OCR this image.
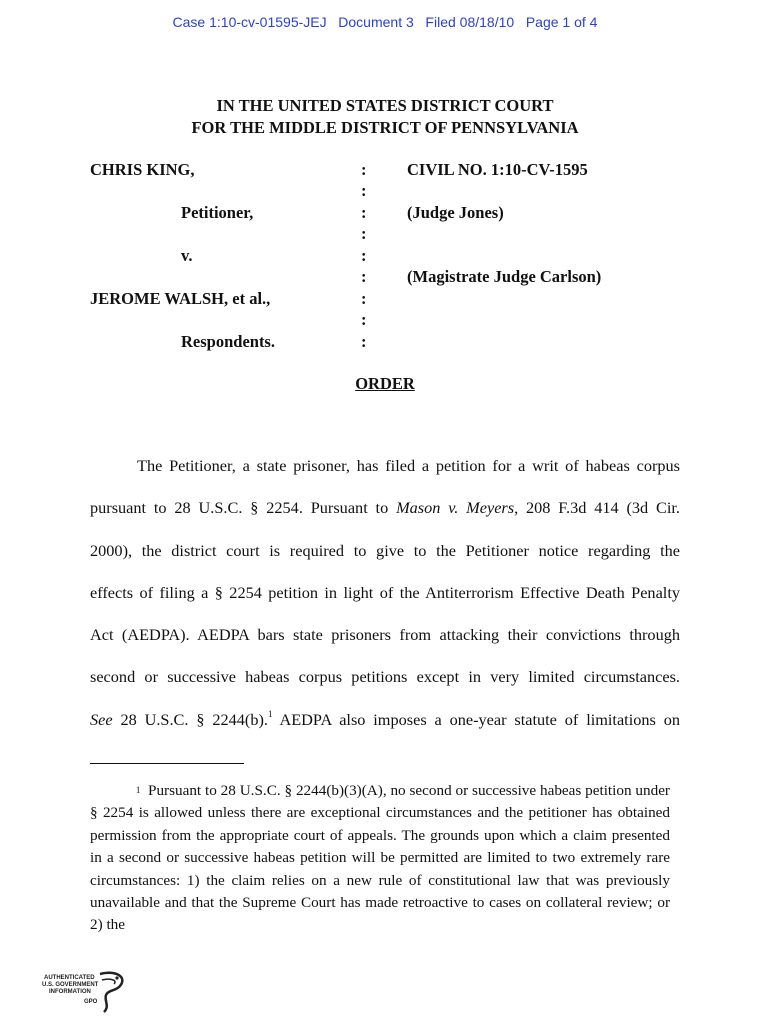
Case 1:10-cv-01595-JEJ   Document 3   Filed 08/18/10   Page 1 of 4
IN THE UNITED STATES DISTRICT COURT
FOR THE MIDDLE DISTRICT OF PENNSYLVANIA
CHRIS KING,
Petitioner,
v.
JEROME WALSH, et al.,
Respondents.
:
:
:
:
:
:
:
:
:
CIVIL NO. 1:10-CV-1595
(Judge Jones)
(Magistrate Judge Carlson)
ORDER
The Petitioner, a state prisoner, has filed a petition for a writ of habeas corpus
pursuant to 28 U.S.C. § 2254. Pursuant to Mason v. Meyers, 208 F.3d 414 (3d Cir.
2000), the district court is required to give to the Petitioner notice regarding the
effects of filing a § 2254 petition in light of the Antiterrorism Effective Death Penalty
Act (AEDPA). AEDPA bars state prisoners from attacking their convictions through
second or successive habeas corpus petitions except in very limited circumstances.
See 28 U.S.C. § 2244(b).$^1$ AEDPA also imposes a one-year statute of limitations on
$^1$ Pursuant to 28 U.S.C. § 2244(b)(3)(A), no second or successive habeas petition under § 2254 is allowed unless there are exceptional circumstances and the petitioner has obtained permission from the appropriate court of appeals. The grounds upon which a claim presented in a second or successive habeas petition will be permitted are limited to two extremely rare circumstances: 1) the claim relies on a new rule of constitutional law that was previously unavailable and that the Supreme Court has made retroactive to cases on collateral review; or 2) the
AUTHENTICATED
U.S. GOVERNMENT
INFORMATION
GPO
